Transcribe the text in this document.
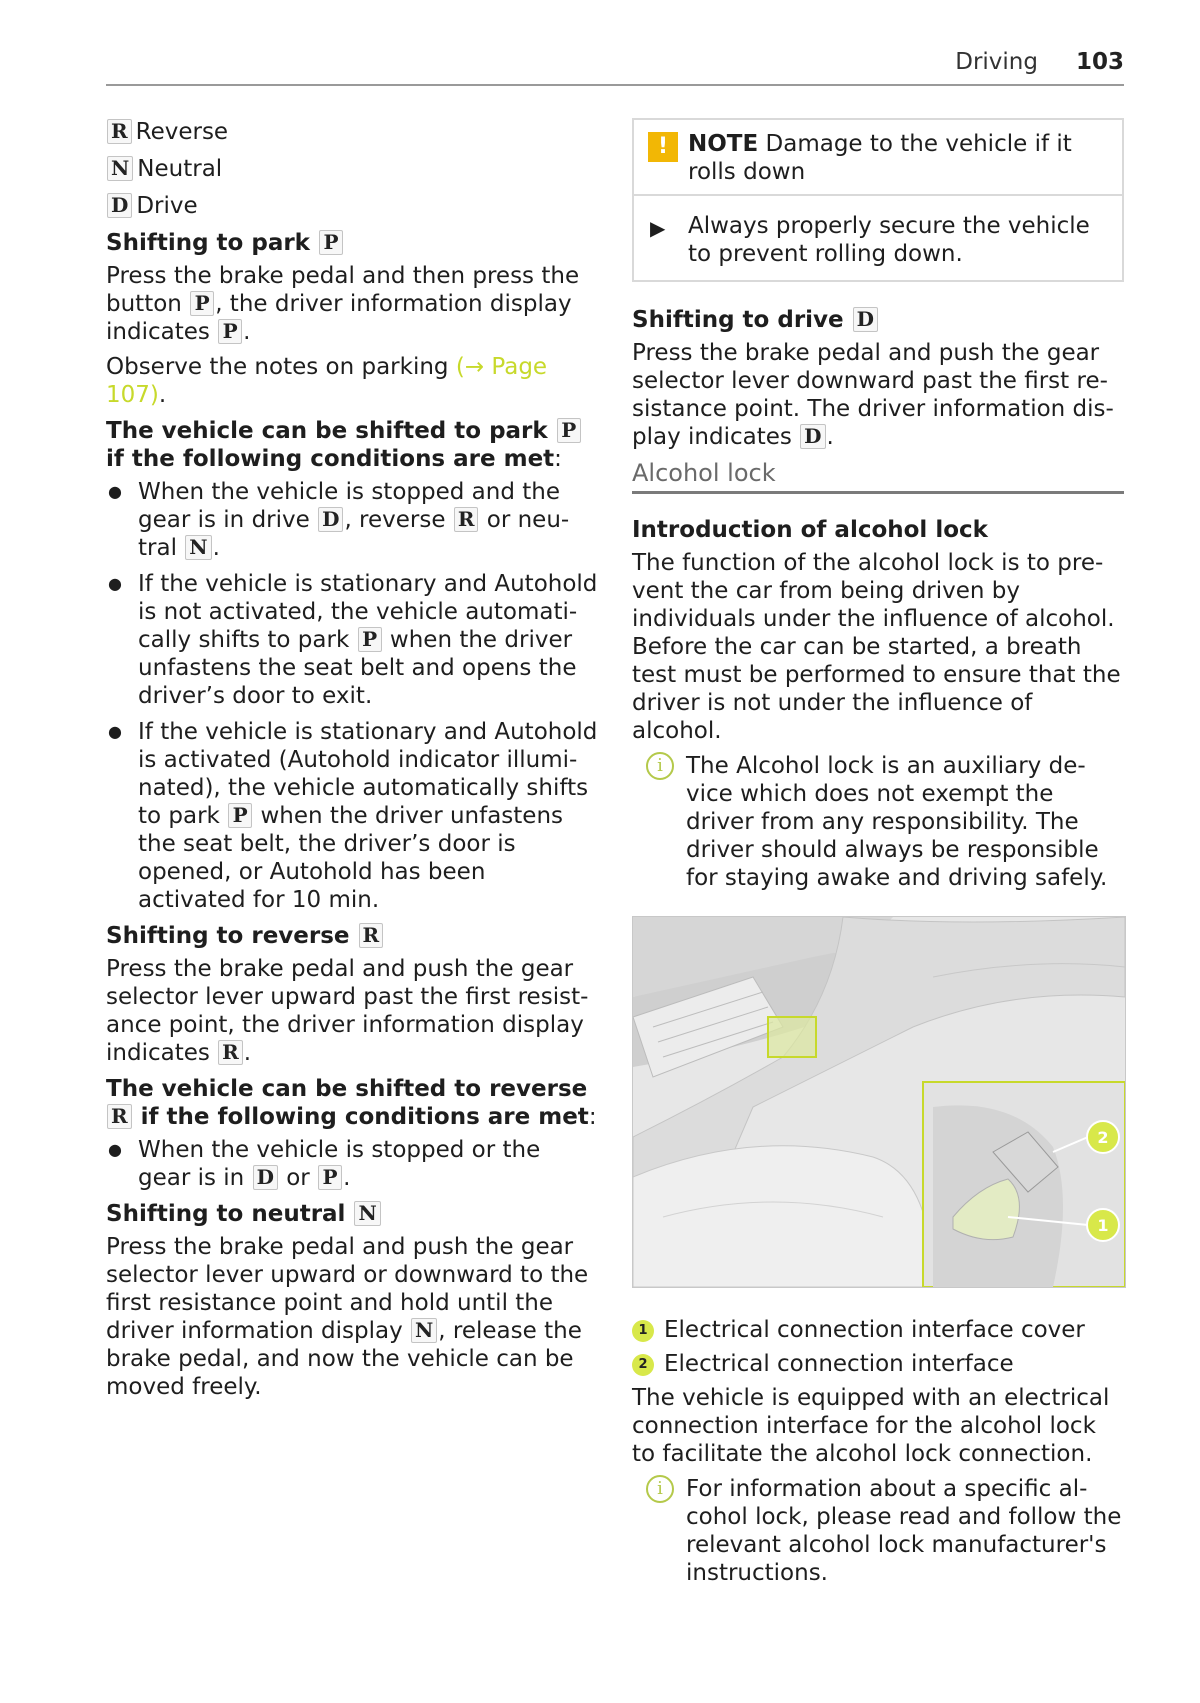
Driving 103

R Reverse

N Neutral

D Drive

Shifting to park P

Press the brake pedal and then press the button P , the driver information display indicates P .

Observe the notes on parking (→ Page 107).

The vehicle can be shifted to park P if the following conditions are met:

● When the vehicle is stopped and the gear is in drive D , reverse R or neutral N .
● If the vehicle is stationary and Autohold is not activated, the vehicle automatically shifts to park P when the driver unfastens the seat belt and opens the driver’s door to exit.
● If the vehicle is stationary and Autohold is activated (Autohold indicator illuminated), the vehicle automatically shifts to park P when the driver unfastens the seat belt, the driver’s door is opened, or Autohold has been activated for 10 min.

Shifting to reverse R

Press the brake pedal and push the gear selector lever upward past the first resistance point, the driver information display indicates R .

The vehicle can be shifted to reverse R if the following conditions are met:

● When the vehicle is stopped or the gear is in D or P .

Shifting to neutral N

Press the brake pedal and push the gear selector lever upward or downward to the first resistance point and hold until the driver information display N , release the brake pedal, and now the vehicle can be moved freely.

! NOTE Damage to the vehicle if it rolls down
▶ Always properly secure the vehicle to prevent rolling down.

Shifting to drive D

Press the brake pedal and push the gear selector lever downward past the first resistance point. The driver information display indicates D .

Alcohol lock

Introduction of alcohol lock

The function of the alcohol lock is to prevent the car from being driven by individuals under the influence of alcohol. Before the car can be started, a breath test must be performed to ensure that the driver is not under the influence of alcohol.

i	The Alcohol lock is an auxiliary device which does not exempt the driver from any responsibility. The driver should always be responsible for staying awake and driving safely.
2
1
1 Electrical connection interface cover
2 Electrical connection interface

The vehicle is equipped with an electrical connection interface for the alcohol lock to facilitate the alcohol lock connection.

i	For information about a specific alcohol lock, please read and follow the relevant alcohol lock manufacturer's instructions.
